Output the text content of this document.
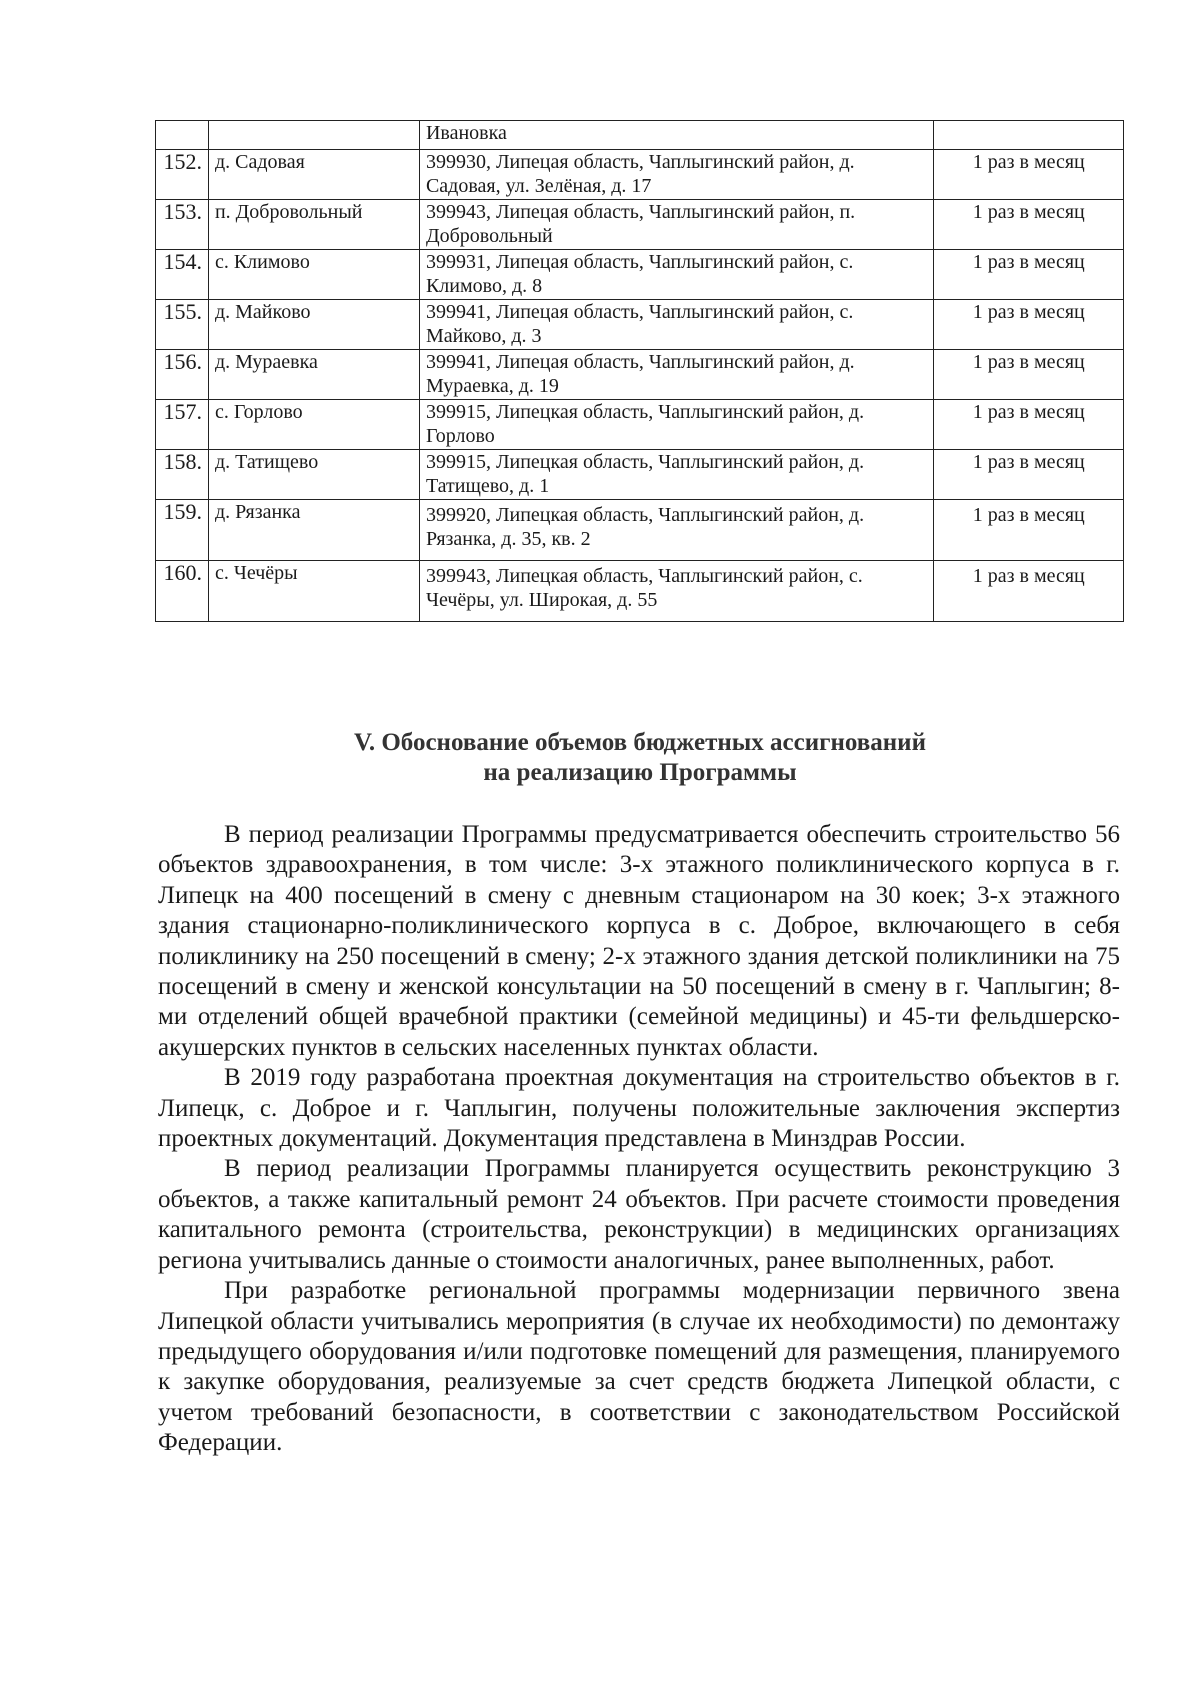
		Ивановка	
152.	д. Садовая	399930, Липецая область, Чаплыгинский район, д. Садовая, ул. Зелёная, д. 17	1 раз в месяц
153.	п. Добровольный	399943, Липецая область, Чаплыгинский район, п. Добровольный	1 раз в месяц
154.	с. Климово	399931, Липецая область, Чаплыгинский район, с. Климово, д. 8	1 раз в месяц
155.	д. Майково	399941, Липецая область, Чаплыгинский район, с. Майково, д. 3	1 раз в месяц
156.	д. Мураевка	399941, Липецая область, Чаплыгинский район, д. Мураевка, д. 19	1 раз в месяц
157.	с. Горлово	399915, Липецкая область, Чаплыгинский район, д. Горлово	1 раз в месяц
158.	д. Татищево	399915, Липецкая область, Чаплыгинский район, д. Татищево, д. 1	1 раз в месяц
159.	д. Рязанка	399920, Липецкая область, Чаплыгинский район, д. Рязанка, д. 35, кв. 2	1 раз в месяц
160.	с. Чечёры	399943, Липецкая область, Чаплыгинский район, с. Чечёры, ул. Широкая, д. 55	1 раз в месяц
V. Обоснование объемов бюджетных ассигнований
на реализацию Программы

В период реализации Программы предусматривается обеспечить строительство 56 объектов здравоохранения, в том числе: 3-х этажного поликлинического корпуса в г. Липецк на 400 посещений в смену с дневным стационаром на 30 коек; 3-х этажного здания стационарно-поликлинического корпуса в с. Доброе, включающего в себя поликлинику на 250 посещений в смену; 2-х этажного здания детской поликлиники на 75 посещений в смену и женской консультации на 50 посещений в смену в г. Чаплыгин; 8-ми отделений общей врачебной практики (семейной медицины) и 45-ти фельдшерско-акушерских пунктов в сельских населенных пунктах области.

В 2019 году разработана проектная документация на строительство объектов в г. Липецк, с. Доброе и г. Чаплыгин, получены положительные заключения экспертиз проектных документаций. Документация представлена в Минздрав России.

В период реализации Программы планируется осуществить реконструкцию 3 объектов, а также капитальный ремонт 24 объектов. При расчете стоимости проведения капитального ремонта (строительства, реконструкции) в медицинских организациях региона учитывались данные о стоимости аналогичных, ранее выполненных, работ.

При разработке региональной программы модернизации первичного звена Липецкой области учитывались мероприятия (в случае их необходимости) по демонтажу предыдущего оборудования и/или подготовке помещений для размещения, планируемого к закупке оборудования, реализуемые за счет средств бюджета Липецкой области, с учетом требований безопасности, в соответствии с законодательством Российской Федерации.
